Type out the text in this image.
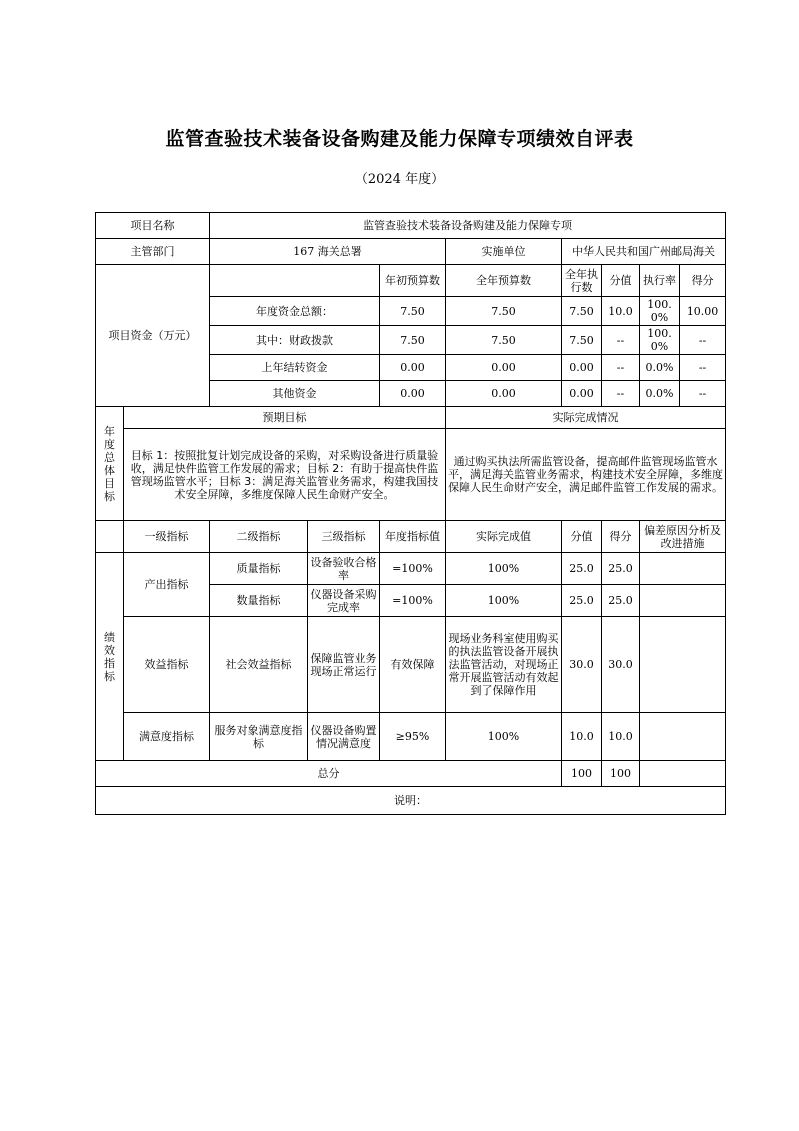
监管查验技术装备设备购建及能力保障专项绩效自评表
（2024 年度）
项目名称		监管查验技术装备设备购建及能力保障专项							
主管部门		167 海关总署			实施单位	中华人民共和国广州邮局海关			
项目资金（万元）				年初预算数	全年预算数	全年执行数	分值	执行率	得分
		年度资金总额：		7.50	7.50	7.50	10.0	100.0%	10.00
		其中：财政拨款		7.50	7.50	7.50	--	100.0%	--
		上年结转资金		0.00	0.00	0.00	--	0.0%	--
		其他资金		0.00	0.00	0.00	--	0.0%	--
年度总体目标	预期目标				实际完成情况				
	目标 1：按照批复计划完成设备的采购，对采购设备进行质量验收，满足快件监管工作发展的需求；目标 2：有助于提高快件监管现场监管水平；目标 3：满足海关监管业务需求，构建我国技术安全屏障，多维度保障人民生命财产安全。				通过购买执法所需监管设备，提高邮件监管现场监管水平，满足海关监管业务需求，构建技术安全屏障，多维度保障人民生命财产安全，满足邮件监管工作发展的需求。				
	一级指标	二级指标	三级指标	年度指标值	实际完成值	分值	得分	偏差原因分析及改进措施	
绩效指标	产出指标	质量指标	设备验收合格率	=100%	100%	25.0	25.0		
		数量指标	仪器设备采购完成率	=100%	100%	25.0	25.0		
	效益指标	社会效益指标	保障监管业务现场正常运行	有效保障	现场业务科室使用购买的执法监管设备开展执法监管活动，对现场正常开展监管活动有效起到了保障作用	30.0	30.0		
	满意度指标	服务对象满意度指标	仪器设备购置情况满意度	≥95%	100%	10.0	10.0		
总分						100	100		
说明：									
